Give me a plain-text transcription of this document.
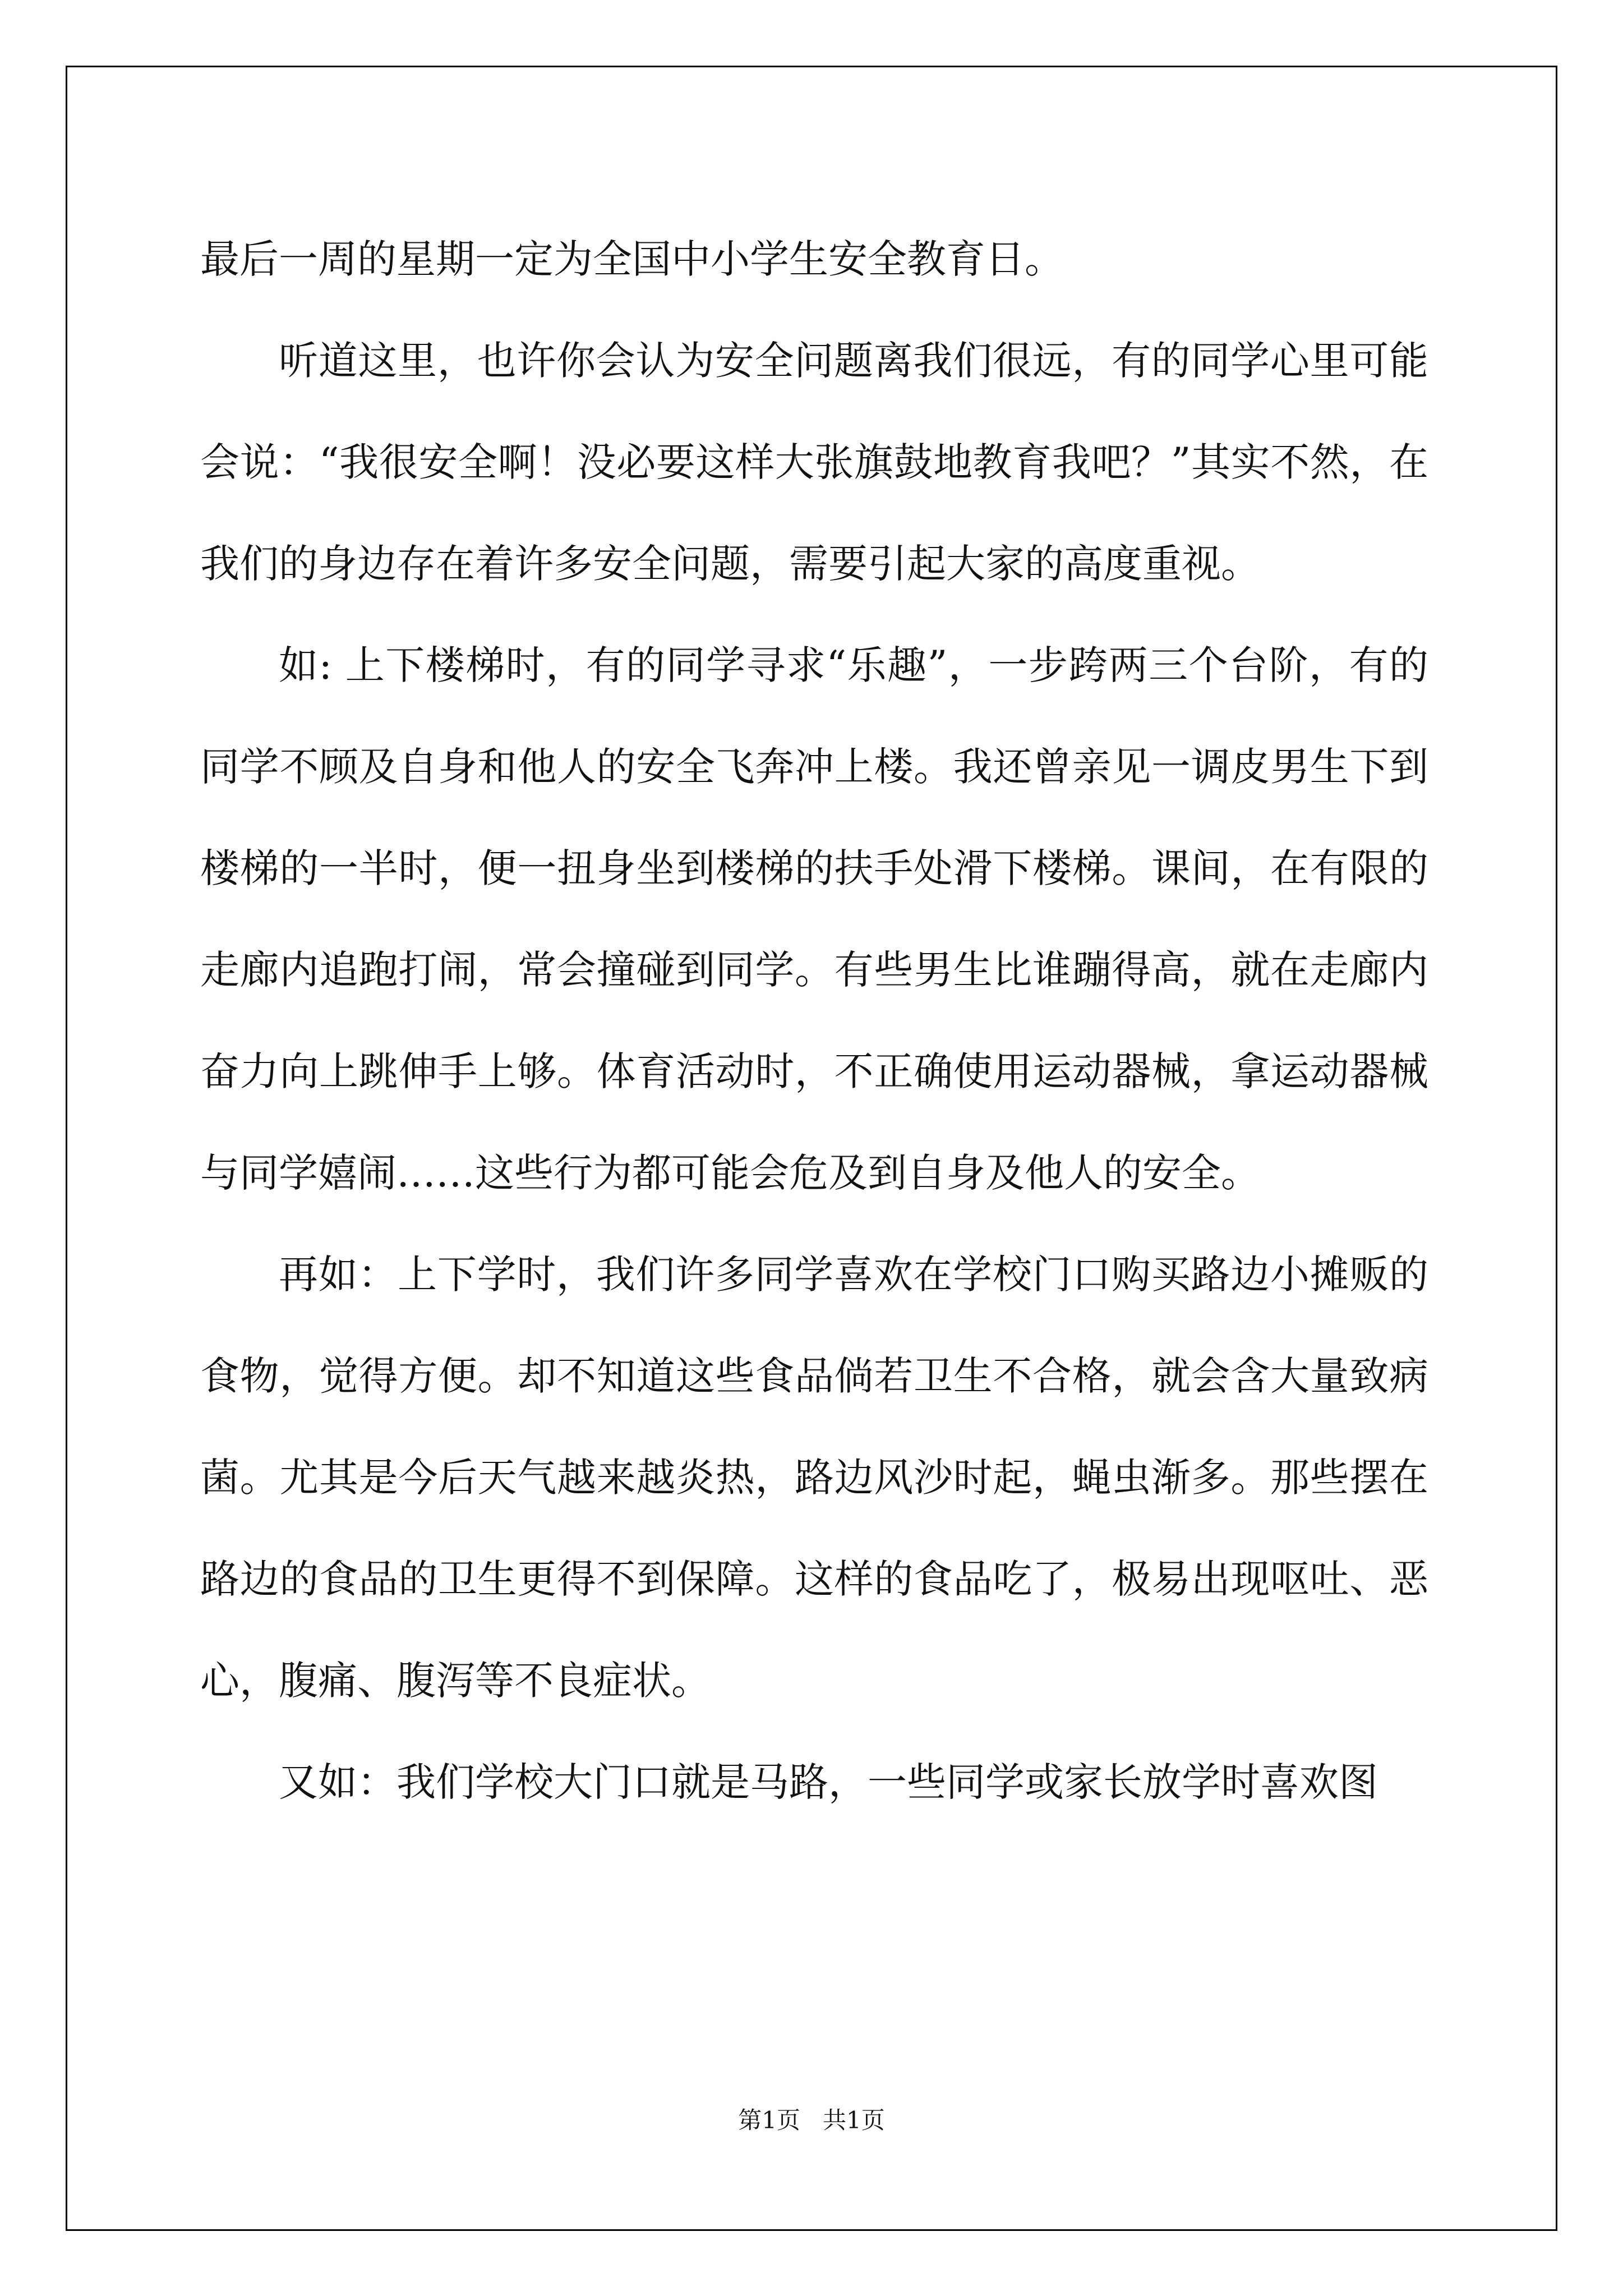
最后一周的星期一定为全国中小学生安全教育日。

听道这里，也许你会认为安全问题离我们很远，有的同学心里可能会说：“我很安全啊！没必要这样大张旗鼓地教育我吧？”其实不然，在我们的身边存在着许多安全问题，需要引起大家的高度重视。

如: 上下楼梯时，有的同学寻求“乐趣”，一步跨两三个台阶，有的同学不顾及自身和他人的安全飞奔冲上楼。我还曾亲见一调皮男生下到楼梯的一半时，便一扭身坐到楼梯的扶手处滑下楼梯。课间，在有限的走廊内追跑打闹，常会撞碰到同学。有些男生比谁蹦得高，就在走廊内奋力向上跳伸手上够。体育活动时，不正确使用运动器械，拿运动器械与同学嬉闹……这些行为都可能会危及到自身及他人的安全。

再如：上下学时，我们许多同学喜欢在学校门口购买路边小摊贩的食物，觉得方便。却不知道这些食品倘若卫生不合格，就会含大量致病菌。尤其是今后天气越来越炎热，路边风沙时起，蝇虫渐多。那些摆在路边的食品的卫生更得不到保障。这样的食品吃了，极易出现呕吐、恶心，腹痛、腹泻等不良症状。

又如：我们学校大门口就是马路，一些同学或家长放学时喜欢图

第1页   共1页
